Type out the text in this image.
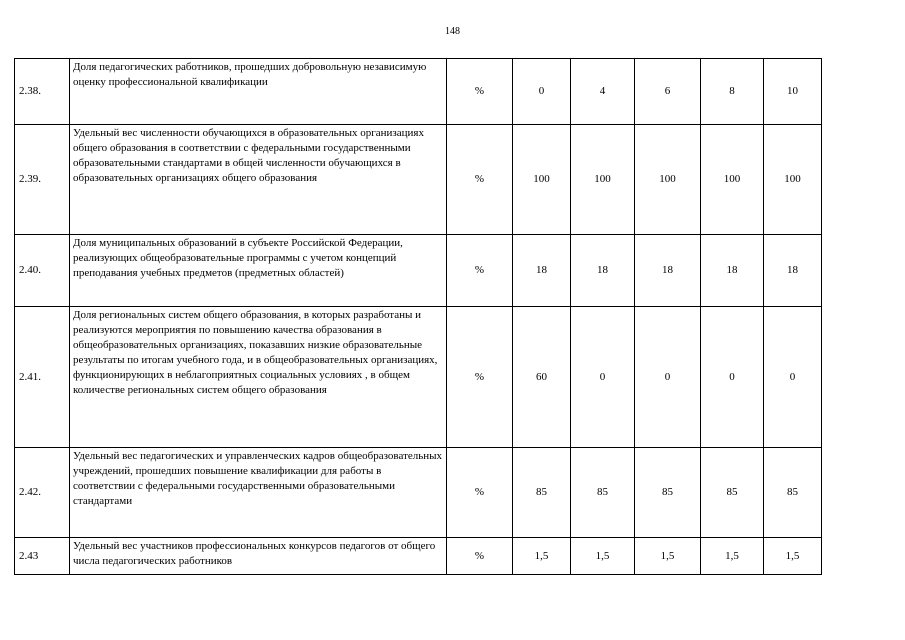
148
2.38.	Доля педагогических работников, прошедших добровольную независимую оценку профессиональной квалификации	%	0	4	6	8	10
2.39.	Удельный вес численности обучающихся в образовательных организациях общего образования в соответствии с федеральными государственными образовательными стандартами в общей численности обучающихся в образовательных организациях общего образования	%	100	100	100	100	100
2.40.	Доля муниципальных образований в субъекте Российской Федерации, реализующих общеобразовательные программы с учетом концепций преподавания учебных предметов (предметных областей)	%	18	18	18	18	18
2.41.	Доля региональных систем общего образования, в которых разработаны и реализуются мероприятия по повышению качества образования в общеобразовательных организациях, показавших низкие образовательные результаты по итогам учебного года, и в общеобразовательных организациях, функционирующих в неблагоприятных социальных условиях , в общем количестве региональных систем общего образования	%	60	0	0	0	0
2.42.	Удельный вес педагогических и управленческих кадров общеобразовательных учреждений, прошедших повышение квалификации для работы в соответствии с федеральными государственными образовательными стандартами	%	85	85	85	85	85
2.43	Удельный вес участников профессиональных конкурсов педагогов от общего числа педагогических работников	%	1,5	1,5	1,5	1,5	1,5
